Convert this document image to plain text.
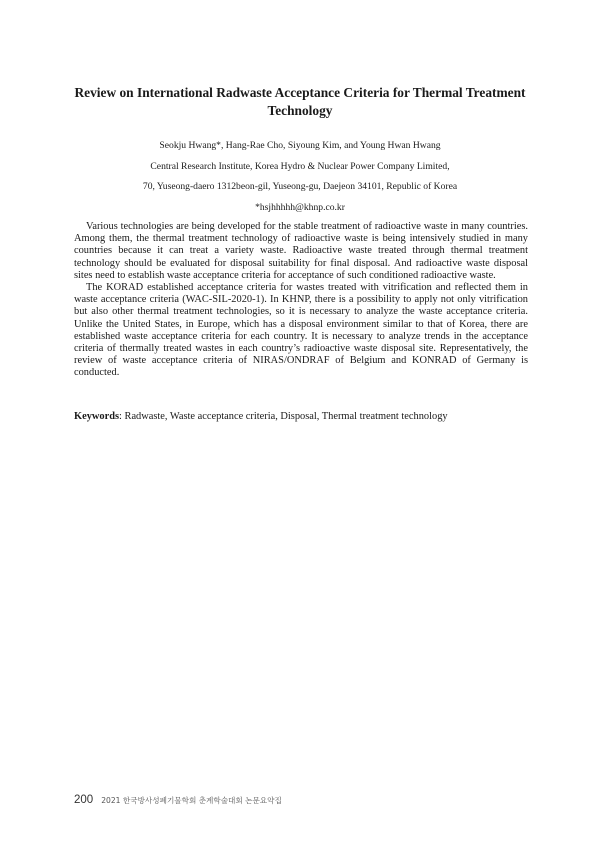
Review on International Radwaste Acceptance Criteria for Thermal Treatment Technology
Seokju Hwang*, Hang-Rae Cho, Siyoung Kim, and Young Hwan Hwang
Central Research Institute, Korea Hydro & Nuclear Power Company Limited,
70, Yuseong-daero 1312beon-gil, Yuseong-gu, Daejeon 34101, Republic of Korea
*hsjhhhhh@khnp.co.kr

Various technologies are being developed for the stable treatment of radioactive waste in many countries. Among them, the thermal treatment technology of radioactive waste is being intensively studied in many countries because it can treat a variety waste. Radioactive waste treated through thermal treatment technology should be evaluated for disposal suitability for final disposal. And radioactive waste disposal sites need to establish waste acceptance criteria for acceptance of such conditioned radioactive waste.

The KORAD established acceptance criteria for wastes treated with vitrification and reflected them in waste acceptance criteria (WAC-SIL-2020-1). In KHNP, there is a possibility to apply not only vitrification but also other thermal treatment technologies, so it is necessary to analyze the waste acceptance criteria. Unlike the United States, in Europe, which has a disposal environment similar to that of Korea, there are established waste acceptance criteria for each country. It is necessary to analyze trends in the acceptance criteria of thermally treated wastes in each country’s radioactive waste disposal site. Representatively, the review of waste acceptance criteria of NIRAS/ONDRAF of Belgium and KONRAD of Germany is conducted.

Keywords: Radwaste, Waste acceptance criteria, Disposal, Thermal treatment technology
200 2021 한국방사성폐기물학회 춘계학술대회 논문요약집
